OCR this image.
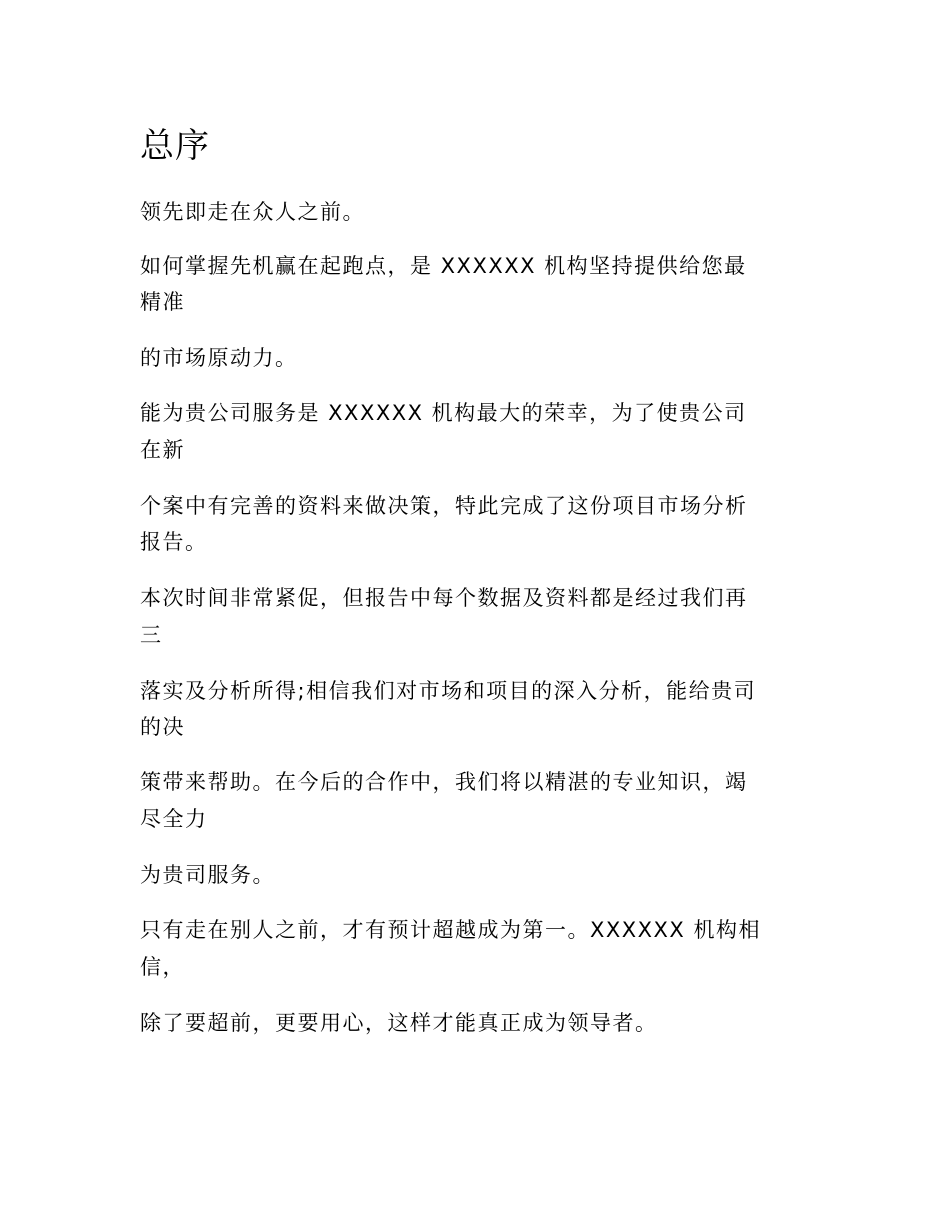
总序
领先即走在众人之前。
如何掌握先机赢在起跑点，是 XXXXXX 机构坚持提供给您最
精准
的市场原动力。
能为贵公司服务是 XXXXXX 机构最大的荣幸，为了使贵公司
在新
个案中有完善的资料来做决策，特此完成了这份项目市场分析
报告。
本次时间非常紧促，但报告中每个数据及资料都是经过我们再
三
落实及分析所得;相信我们对市场和项目的深入分析，能给贵司
的决
策带来帮助。在今后的合作中，我们将以精湛的专业知识，竭
尽全力
为贵司服务。
只有走在别人之前，才有预计超越成为第一。XXXXXX 机构相
信，
除了要超前，更要用心，这样才能真正成为领导者。
